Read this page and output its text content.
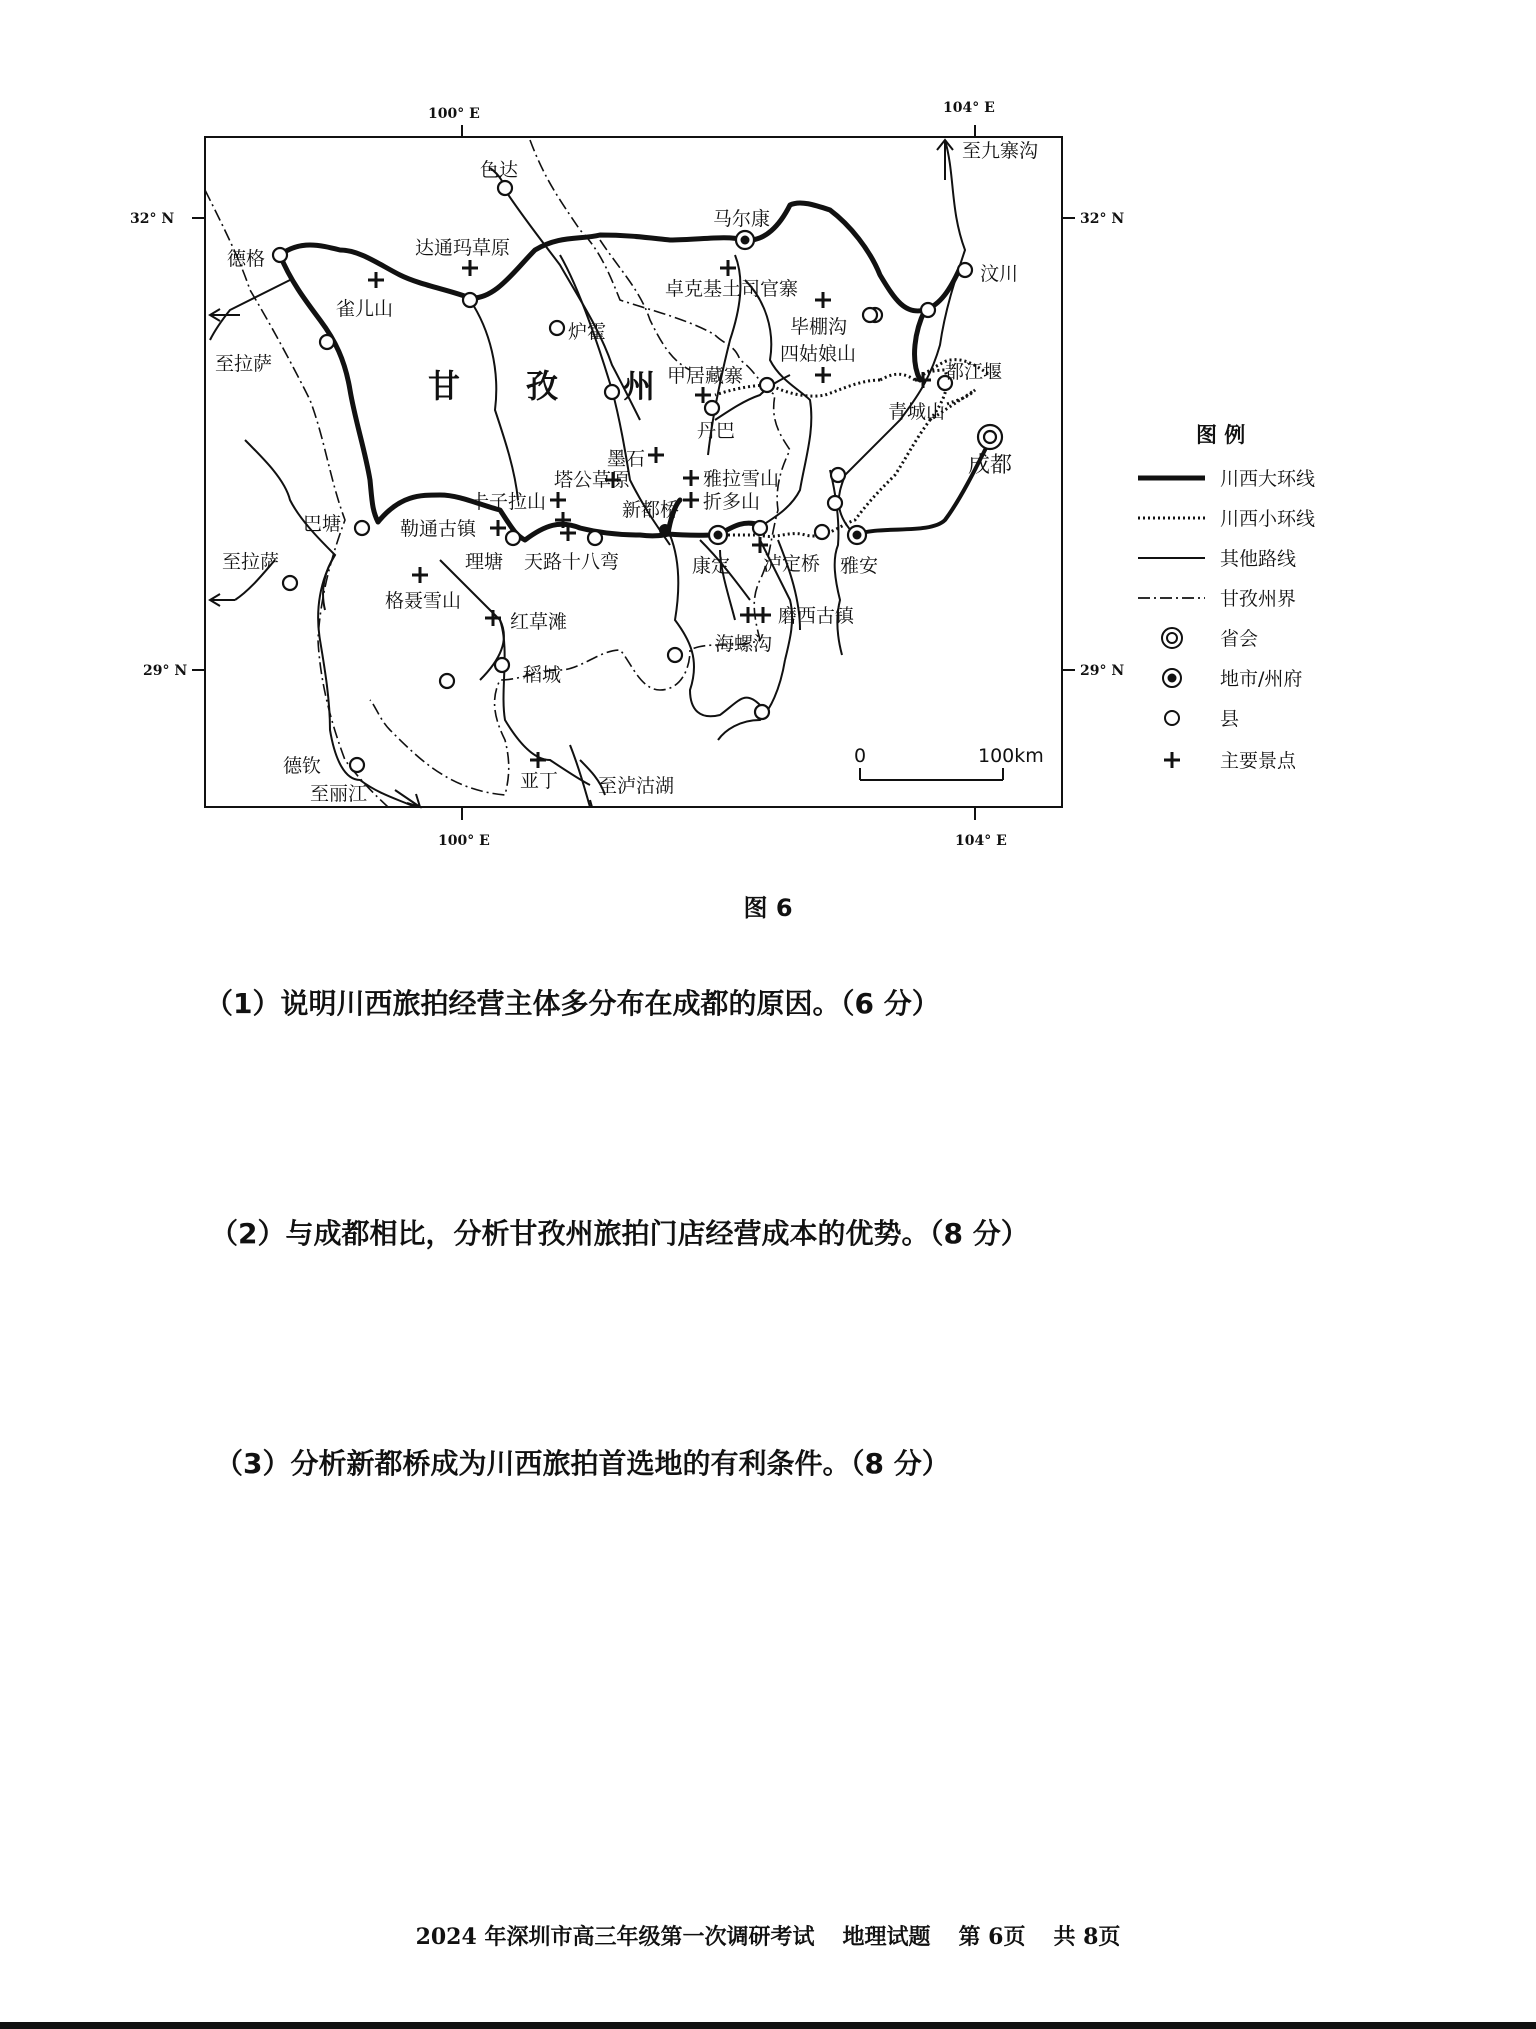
100° E	104° E
100° E	104° E
32° N	32° N
29° N	29° N
甘 孜 州
色达
马尔康
至九寨沟
汶川
德格	达通玛草原
雀儿山
卓克基土司官寨
至拉萨
炉霍	毕棚沟
四姑娘山
都江堰
甲居藏寨
青城山
丹巴
成都
墨石
塔公草原	雅拉雪山
卡子拉山	新都桥 折多山
巴塘	勒通古镇
理塘 天路十八弯	康定 泸定桥 雅安
至拉萨
格聂雪山
红草滩	磨西古镇
海螺沟
稻城
德钦
至丽江
亚丁 至泸沽湖
0	100km
图 例
川西大环线
川西小环线
其他路线
甘孜州界
省会
地市/州府
县
主要景点
图 6
（1）说明川西旅拍经营主体多分布在成都的原因。（6 分）
（2）与成都相比，分析甘孜州旅拍门店经营成本的优势。（8 分）
（3）分析新都桥成为川西旅拍首选地的有利条件。（8 分）
2024 年深圳市高三年级第一次调研考试 地理试题 第 6页 共 8页
